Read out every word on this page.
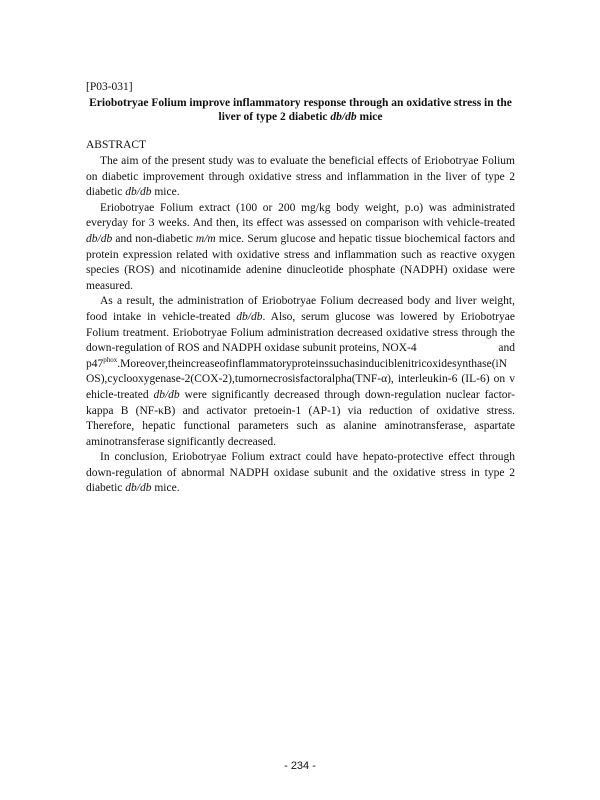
[P03-031]

Eriobotryae Folium improve inflammatory response through an oxidative stress in the
liver of type 2 diabetic db/db mice

ABSTRACT

The aim of the present study was to evaluate the beneficial effects of Eriobotryae Folium on diabetic improvement through oxidative stress and inflammation in the liver of type 2 diabetic db/db mice.

Eriobotryae Folium extract (100 or 200 mg/kg body weight, p.o) was administrated everyday for 3 weeks. And then, its effect was assessed on comparison with vehicle-treated db/db and non-diabetic m/m mice. Serum glucose and hepatic tissue biochemical factors and protein expression related with oxidative stress and inflammation such as reactive oxygen species (ROS) and nicotinamide adenine dinucleotide phosphate (NADPH) oxidase were measured.

As a result, the administration of Eriobotryae Folium decreased body and liver weight, food intake in vehicle-treated db/db. Also, serum glucose was lowered by Eriobotryae Folium treatment. Eriobotryae Folium administration decreased oxidative stress through the down-regulation of ROS and NADPH oxidase subunit proteins, NOX-4	and

$p47^{phox}.Moreover,theincreaseofinflammatoryproteinssuchasinduciblenitricoxidesynthase(iNOS),cyclooxygenase-2(COX-2),tumornec$rosisfactoralpha(TNF-α), interleukin-6 (IL-6) on vehicle-treated db/db were significantly decreased through down-regulation nuclear factor-kappa B (NF-κB) and activator pretoein-1 (AP-1) via reduction of oxidative stress. Therefore, hepatic functional parameters such as alanine aminotransferase, aspartate aminotransferase significantly decreased.

In conclusion, Eriobotryae Folium extract could have hepato-protective effect through down-regulation of abnormal NADPH oxidase subunit and the oxidative stress in type 2 diabetic db/db mice.

- 234 -
